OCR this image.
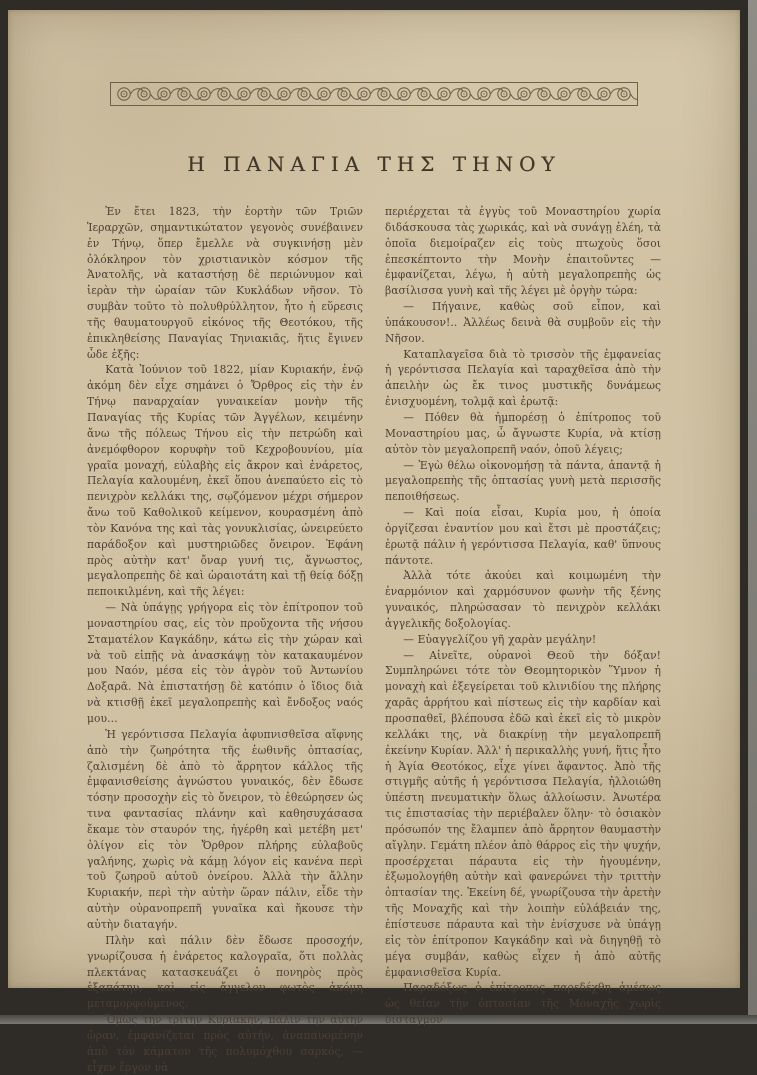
Η ΠΑΝΑΓΙΑ ΤΗΣ ΤΗΝΟΥ

Ἐν ἔτει 1823, τὴν ἑορτὴν τῶν Τριῶν Ἱεραρχῶν, σημαντικώτατον γεγονὸς συνέβαινεν ἐν Τήνῳ, ὅπερ ἔμελλε νὰ συγκινήσῃ μὲν ὁλόκληρον τὸν χριστιανικὸν κόσμον τῆς Ἀνατολῆς, νὰ καταστήσῃ δὲ περιώνυμον καὶ ἱερὰν τὴν ὡραίαν τῶν Κυκλάδων νῆσον. Τὸ συμβὰν τοῦτο τὸ πολυθρύλλητον, ἦτο ἡ εὕρεσις τῆς θαυματουργοῦ εἰκόνος τῆς Θεοτόκου, τῆς ἐπικληθείσης Παναγίας Τηνιακιᾶς, ἥτις ἔγινεν ὧδε ἑξῆς:

Κατὰ Ἰούνιον τοῦ 1822, μίαν Κυριακήν, ἐνῷ ἀκόμη δὲν εἶχε σημάνει ὁ Ὄρθρος εἰς τὴν ἐν Τήνῳ παναρχαίαν γυναικείαν μονὴν τῆς Παναγίας τῆς Κυρίας τῶν Ἀγγέλων, κειμένην ἄνω τῆς πόλεως Τήνου εἰς τὴν πετρώδη καὶ ἀνεμόφθορον κορυφὴν τοῦ Κεχροβουνίου, μία γραῖα μοναχή, εὐλαβὴς εἰς ἄκρον καὶ ἐνάρετος, Πελαγία καλουμένη, ἐκεῖ ὅπου ἀνεπαύετο εἰς τὸ πενιχρὸν κελλάκι της, σῳζόμενον μέχρι σήμερον ἄνω τοῦ Καθολικοῦ κείμενον, κουρασμένη ἀπὸ τὸν Κανόνα της καὶ τὰς γονυκλισίας, ὠνειρεύετο παράδοξον καὶ μυστηριῶδες ὄνειρον. Ἐφάνη πρὸς αὐτὴν κατ' ὄναρ γυνή τις, ἄγνωστος, μεγαλοπρεπὴς δὲ καὶ ὡραιοτάτη καὶ τῇ θείᾳ δόξῃ πεποικιλμένη, καὶ τῆς λέγει:

— Νὰ ὑπάγῃς γρήγορα εἰς τὸν ἐπίτροπον τοῦ μοναστηρίου σας, εἰς τὸν προὔχοντα τῆς νήσου Σταματέλον Καγκάδην, κάτω εἰς τὴν χώραν καὶ νὰ τοῦ εἰπῇς νὰ ἀνασκάψῃ τὸν κατακαυμένον μου Ναόν, μέσα εἰς τὸν ἀγρὸν τοῦ Ἀντωνίου Δοξαρᾶ. Νὰ ἐπιστατήσῃ δὲ κατόπιν ὁ ἴδιος διὰ νὰ κτισθῇ ἐκεῖ μεγαλοπρεπὴς καὶ ἔνδοξος ναός μου…

Ἡ γερόντισσα Πελαγία ἀφυπνισθεῖσα αἴφνης ἀπὸ τὴν ζωηρότητα τῆς ἑωθινῆς ὀπτασίας, ζαλισμένη δὲ ἀπὸ τὸ ἄρρητον κάλλος τῆς ἐμφανισθείσης ἀγνώστου γυναικός, δὲν ἔδωσε τόσην προσοχὴν εἰς τὸ ὄνειρον, τὸ ἐθεώρησεν ὡς τινα φαντασίας πλάνην καὶ καθησυχάσασα ἔκαμε τὸν σταυρόν της, ἠγέρθη καὶ μετέβη μετ' ὀλίγον εἰς τὸν Ὄρθρον πλήρης εὐλαβοῦς γαλήνης, χωρὶς νὰ κάμῃ λόγον εἰς κανένα περὶ τοῦ ζωηροῦ αὐτοῦ ὀνείρου. Ἀλλὰ τὴν ἄλλην Κυριακήν, περὶ τὴν αὐτὴν ὥραν πάλιν, εἶδε τὴν αὐτὴν οὐρανοπρεπῆ γυναῖκα καὶ ἤκουσε τὴν αὐτὴν διαταγήν.

Πλὴν καὶ πάλιν δὲν ἔδωσε προσοχήν, γνωρίζουσα ἡ ἐνάρετος καλογραῖα, ὅτι πολλὰς πλεκτάνας κατασκευάζει ὁ πονηρὸς πρὸς ἐξαπάτην, καὶ εἰς ἄγγελον φωτὸς ἀκόμη μεταμορφούμενος.

Ὅμως τὴν τρίτην Κυριακήν, πάλιν τὴν αὐτὴν ὥραν, ἐμφανίζεται πρὸς αὐτήν, ἀναπαυομένην ἀπὸ τὸν κάματον τῆς πολυμόχθου σαρκός, — εἶχεν ἔργον νὰ

περιέρχεται τὰ ἐγγὺς τοῦ Μοναστηρίου χωρία διδάσκουσα τὰς χωρικάς, καὶ νὰ συνάγῃ ἐλέη, τὰ ὁποῖα διεμοίραζεν εἰς τοὺς πτωχοὺς ὅσοι ἐπεσκέπτοντο τὴν Μονὴν ἐπαιτοῦντες — ἐμφανίζεται, λέγω, ἡ αὐτὴ μεγαλοπρεπὴς ὡς βασίλισσα γυνὴ καὶ τῆς λέγει μὲ ὀργὴν τώρα:

— Πήγαινε, καθὼς σοῦ εἶπον, καὶ ὑπάκουσον!.. Ἀλλέως δεινὰ θὰ συμβοῦν εἰς τὴν Νῆσον.

Καταπλαγεῖσα διὰ τὸ τρισσὸν τῆς ἐμφανείας ἡ γερόντισσα Πελαγία καὶ ταραχθεῖσα ἀπὸ τὴν ἀπειλὴν ὡς ἔκ τινος μυστικῆς δυνάμεως ἐνισχυομένη, τολμᾷ καὶ ἐρωτᾷ:

— Πόθεν θὰ ἠμπορέσῃ ὁ ἐπίτροπος τοῦ Μοναστηρίου μας, ὦ ἄγνωστε Κυρία, νὰ κτίσῃ αὐτὸν τὸν μεγαλοπρεπῆ ναόν, ὁποῦ λέγεις;

— Ἐγὼ θέλω οἰκονομήσῃ τὰ πάντα, ἀπαντᾷ ἡ μεγαλοπρεπὴς τῆς ὀπτασίας γυνὴ μετὰ περισσῆς πεποιθήσεως.

— Καὶ ποία εἶσαι, Κυρία μου, ἡ ὁποία ὀργίζεσαι ἐναντίον μου καὶ ἔτσι μὲ προστάζεις; ἐρωτᾷ πάλιν ἡ γερόντισσα Πελαγία, καθ' ὕπνους πάντοτε.

Ἀλλὰ τότε ἀκούει καὶ κοιμωμένη τὴν ἐναρμόνιον καὶ χαρμόσυνον φωνὴν τῆς ξένης γυναικός, πληρώσασαν τὸ πενιχρὸν κελλάκι ἀγγελικῆς δοξολογίας.

— Εὐαγγελίζου γῆ χαρὰν μεγάλην!

— Αἰνεῖτε, οὐρανοὶ Θεοῦ τὴν δόξαν! Συμπληρώνει τότε τὸν Θεομητορικὸν Ὕμνον ἡ μοναχὴ καὶ ἐξεγείρεται τοῦ κλινιδίου της πλήρης χαρᾶς ἀρρήτου καὶ πίστεως εἰς τὴν καρδίαν καὶ προσπαθεῖ, βλέπουσα ἐδῶ καὶ ἐκεῖ εἰς τὸ μικρὸν κελλάκι της, νὰ διακρίνῃ τὴν μεγαλοπρεπῆ ἐκείνην Κυρίαν. Ἀλλ' ἡ περικαλλὴς γυνή, ἥτις ἦτο ἡ Ἁγία Θεοτόκος, εἶχε γίνει ἄφαντος. Ἀπὸ τῆς στιγμῆς αὐτῆς ἡ γερόντισσα Πελαγία, ἠλλοιώθη ὑπέστη πνευματικὴν ὅλως ἀλλοίωσιν. Ἀνωτέρα τις ἐπιστασίας τὴν περιέβαλεν ὅλην· τὸ ὁσιακὸν πρόσωπόν της ἔλαμπεν ἀπὸ ἄρρητον θαυμαστὴν αἴγλην. Γεμάτη πλέον ἀπὸ θάρρος εἰς τὴν ψυχήν, προσέρχεται πάραυτα εἰς τὴν ἡγουμένην, ἐξωμολογήθη αὐτὴν καὶ φανερώνει τὴν τριττὴν ὀπτασίαν της. Ἐκείνη δέ, γνωρίζουσα τὴν ἀρετὴν τῆς Μοναχῆς καὶ τὴν λοιπὴν εὐλάβειάν της, ἐπίστευσε πάραυτα καὶ τὴν ἐνίσχυσε νὰ ὑπάγῃ εἰς τὸν ἐπίτροπον Καγκάδην καὶ νὰ διηγηθῇ τὸ μέγα συμβάν, καθὼς εἶχεν ἡ ἀπὸ αὐτῆς ἐμφανισθεῖσα Κυρία.

Παραδόξως ὁ ἐπίτροπος παρεδέχθη ἀμέσως ὡς θείαν τὴν ὀπτασίαν τῆς Μοναχῆς χωρὶς δισταγμὸν
